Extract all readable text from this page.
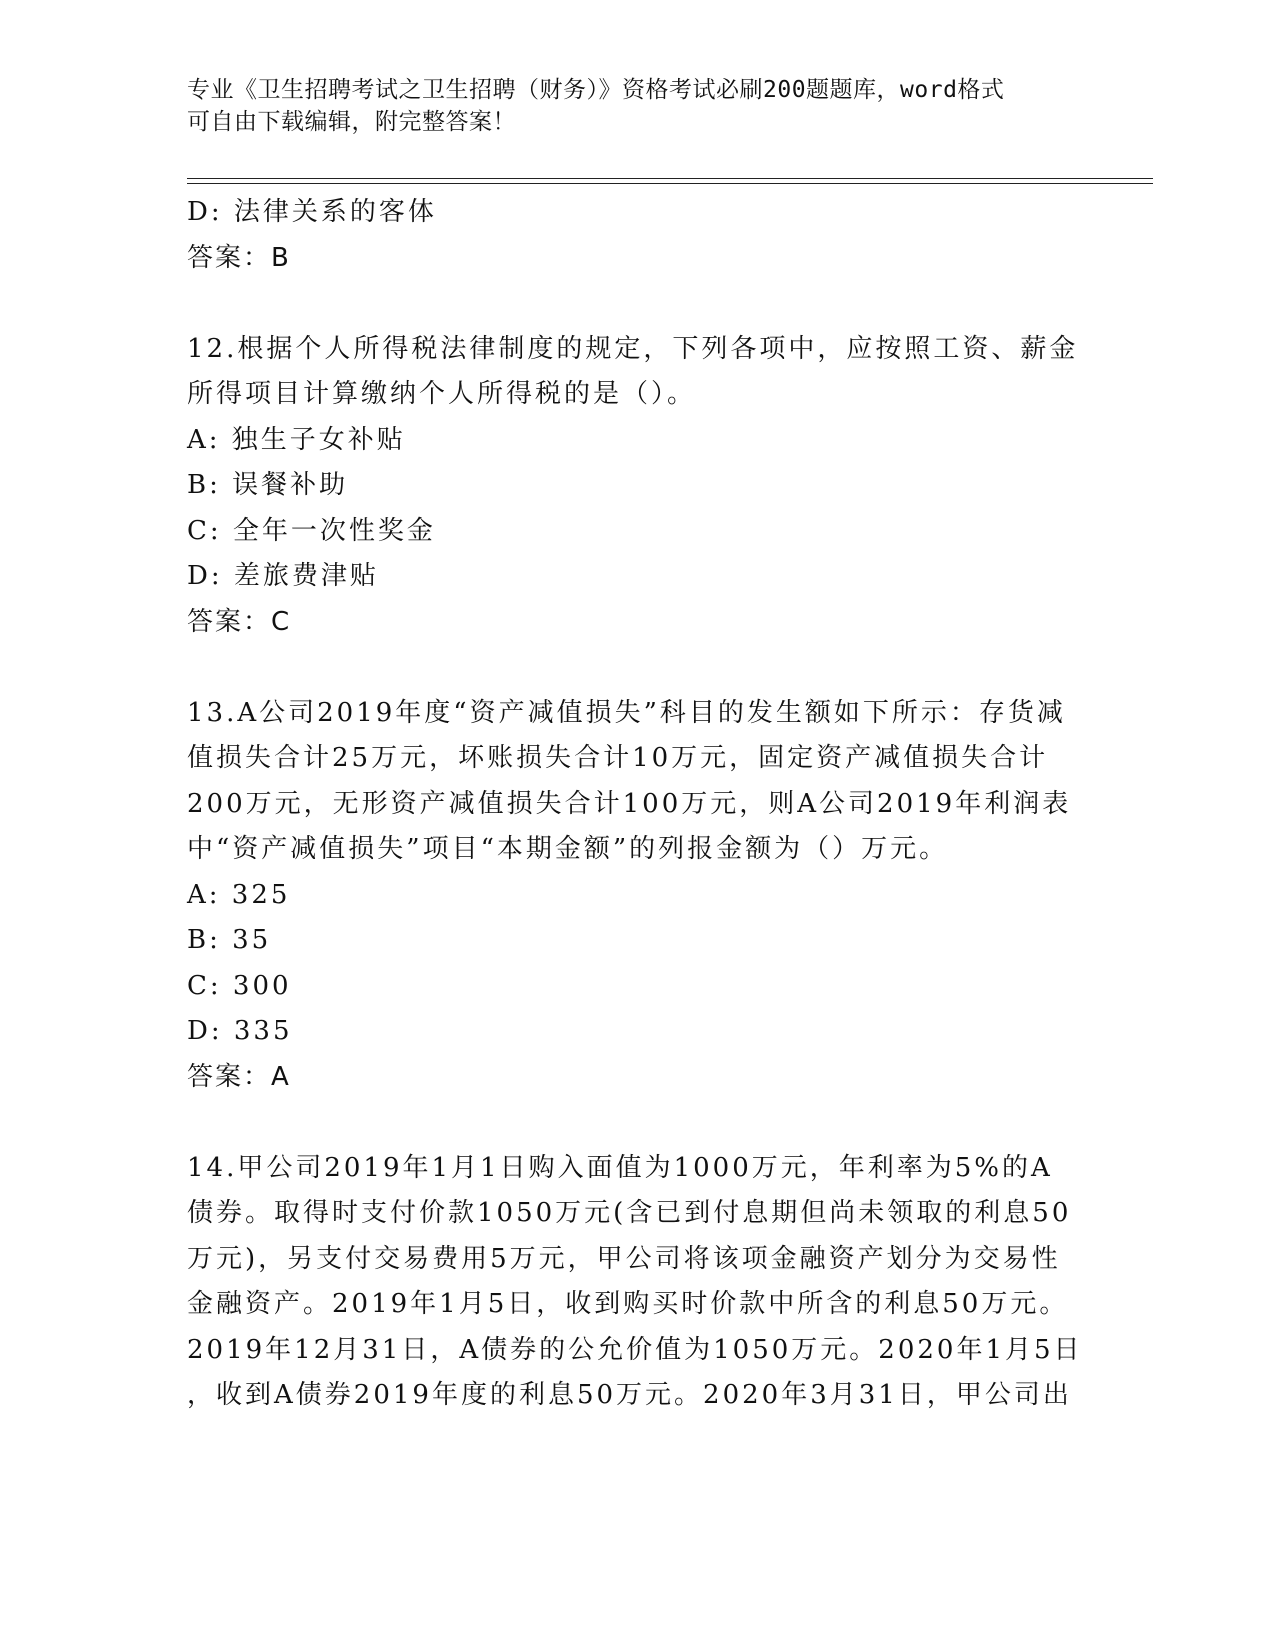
专业《卫生招聘考试之卫生招聘（财务）》资格考试必刷200题题库，word格式
可自由下载编辑，附完整答案！
D: 法律关系的客体
答案：B
12.根据个人所得税法律制度的规定，下列各项中，应按照工资、薪金
所得项目计算缴纳个人所得税的是（）。
A: 独生子女补贴
B: 误餐补助
C: 全年一次性奖金
D: 差旅费津贴
答案：C
13.A公司2019年度“资产减值损失”科目的发生额如下所示：存货减
值损失合计25万元，坏账损失合计10万元，固定资产减值损失合计
200万元，无形资产减值损失合计100万元，则A公司2019年利润表
中“资产减值损失”项目“本期金额”的列报金额为（）万元。
A: 325
B: 35
C: 300
D: 335
答案：A
14.甲公司2019年1月1日购入面值为1000万元，年利率为5%的A
债券。取得时支付价款1050万元(含已到付息期但尚未领取的利息50
万元)，另支付交易费用5万元，甲公司将该项金融资产划分为交易性
金融资产。2019年1月5日，收到购买时价款中所含的利息50万元。
2019年12月31日，A债券的公允价值为1050万元。2020年1月5日
，收到A债券2019年度的利息50万元。2020年3月31日，甲公司出
